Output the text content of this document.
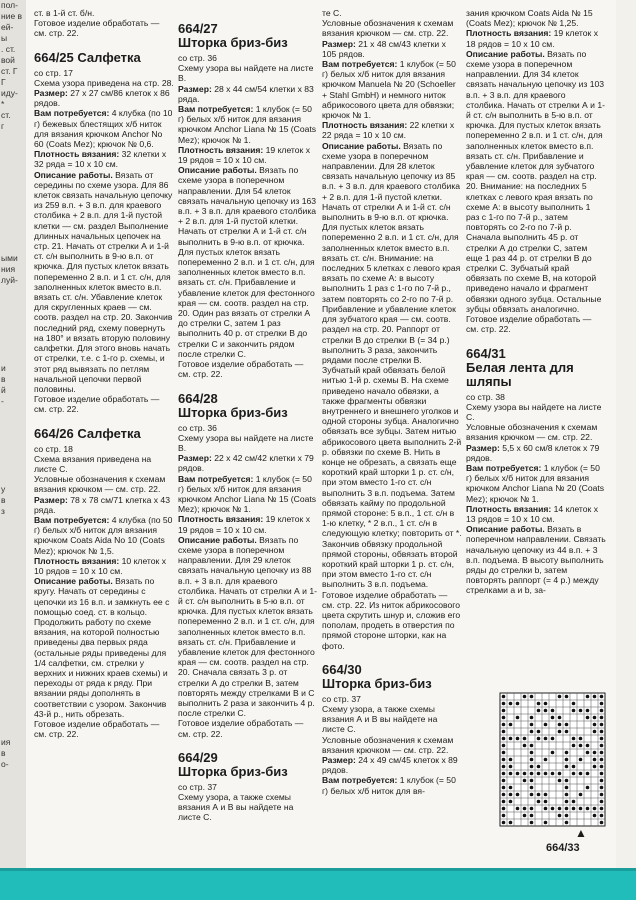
пол-
ние в
ей-
ы
. ст.
вой
ст. Г
Г
иду-
*
ст.
г

ыми
ния
луй-

и
в
й
-

у
в
з

ия
в
о-

ст. в 1-й ст. б/н.

Готовое изделие обработать — см. стр. 22.

664/25 Салфетка

со стр. 17

Схема узора приведена на стр. 28.

Размер: 27 х 27 см/86 клеток х 86 рядов.

Вам потребуется: 4 клубка (по 10 г) бежевых блестящих х/б ниток для вязания крючком Anchor No 60 (Coats Mez); крючок № 0,6.

Плотность вязания: 32 клетки х 32 ряда = 10 х 10 см.

Описание работы. Вязать от середины по схеме узора. Для 86 клеток связать начальную цепочку из 259 в.п. + 3 в.п. для краевого столбика + 2 в.п. для 1-й пустой клетки — см. раздел Выполнение длинных начальных цепочек на стр. 21. Начать от стрелки А и 1-й ст. с/н выполнить в 9-ю в.п. от крючка. Для пустых клеток вязать попеременно 2 в.п. и 1 ст. с/н, для заполненных клеток вместо в.п. вязать ст. с/н. Убавление клеток для скругленных краев — см. соотв. раздел на стр. 20. Закончив последний ряд, схему повернуть на 180° и вязать вторую половину салфетки. Для этого вновь начать от стрелки, т.е. с 1-го р. схемы, и этот ряд вывязать по петлям начальной цепочки первой половины.

Готовое изделие обработать — см. стр. 22.

664/26 Салфетка

со стр. 18

Схема вязания приведена на листе С.

Условные обозначения к схемам вязания крючком — см. стр. 22.

Размер: 78 х 78 см/71 клетка х 43 ряда.

Вам потребуется: 4 клубка (по 50 г) белых х/б ниток для вязания крючком Coats Aida No 10 (Coats Mez); крючок № 1,5.

Плотность вязания: 10 клеток х 10 рядов = 10 х 10 см.

Описание работы. Вязать по кругу. Начать от середины с цепочки из 16 в.п. и замкнуть ее с помощью соед. ст. в кольцо. Продолжить работу по схеме вязания, на которой полностью приведены два первых ряда (остальные ряды приведены для 1/4 салфетки, см. стрелки у верхних и нижних краев схемы) и переходы от ряда к ряду. При вязании ряды дополнять в соответствии с узором. Закончив 43-й р., нить обрезать.

Готовое изделие обработать — см. стр. 22.

664/27
Шторка бриз-биз

со стр. 36

Схему узора вы найдете на листе В.

Размер: 28 х 44 см/54 клетки х 83 ряда.

Вам потребуется: 1 клубок (= 50 г) белых х/б ниток для вязания крючком Anchor Liana № 15 (Coats Mez); крючок № 1.

Плотность вязания: 19 клеток х 19 рядов = 10 х 10 см.

Описание работы. Вязать по схеме узора в поперечном направлении. Для 54 клеток связать начальную цепочку из 163 в.п. + 3 в.п. для краевого столбика + 2 в.п. для 1-й пустой клетки. Начать от стрелки А и 1-й ст. с/н выполнить в 9-ю в.п. от крючка. Для пустых клеток вязать попеременно 2 в.п. и 1 ст. с/н, для заполненных клеток вместо в.п. вязать ст. с/н. Прибавление и убавление клеток для фестонного края — см. соотв. раздел на стр. 20. Один раз вязать от стрелки А до стрелки С, затем 1 раз выполнить 40 р. от стрелки В до стрелки С и закончить рядом после стрелки С.

Готовое изделие обработать — см. стр. 22.

664/28
Шторка бриз-биз

со стр. 36

Схему узора вы найдете на листе В.

Размер: 22 х 42 см/42 клетки х 79 рядов.

Вам потребуется: 1 клубок (= 50 г) белых х/б ниток для вязания крючком Anchor Liana № 15 (Coats Mez); крючок № 1.

Плотность вязания: 19 клеток х 19 рядов = 10 х 10 см.

Описание работы. Вязать по схеме узора в поперечном направлении. Для 29 клеток связать начальную цепочку из 88 в.п. + 3 в.п. для краевого столбика. Начать от стрелки А и 1-й ст. с/н выполнить в 5-ю в.п. от крючка. Для пустых клеток вязать попеременно 2 в.п. и 1 ст. с/н, для заполненных клеток вместо в.п. вязать ст. с/н. Прибавление и убавление клеток для фестонного края — см. соотв. раздел на стр. 20. Сначала связать 3 р. от стрелки А до стрелки В, затем повторять между стрелками В и С выполнить 2 раза и закончить 4 р. после стрелки С.

Готовое изделие обработать — см. стр. 22.

664/29
Шторка бриз-биз

со стр. 37

Схему узора, а также схемы вязания А и В вы найдете на листе С.

те С.

Условные обозначения к схемам вязания крючком — см. стр. 22.

Размер: 21 х 48 см/43 клетки х 105 рядов.

Вам потребуется: 1 клубок (= 50 г) белых х/б ниток для вязания крючком Manuela № 20 (Schoeller + Stahl GmbH) и немного ниток абрикосового цвета для обвязки; крючок № 1.

Плотность вязания: 22 клетки х 22 ряда = 10 х 10 см.

Описание работы. Вязать по схеме узора в поперечном направлении. Для 28 клеток связать начальную цепочку из 85 в.п. + 3 в.п. для краевого столбика + 2 в.п. для 1-й пустой клетки. Начать от стрелки А и 1-й ст. с/н выполнить в 9-ю в.п. от крючка. Для пустых клеток вязать попеременно 2 в.п. и 1 ст. с/н, для заполненных клеток вместо в.п. вязать ст. с/н. Внимание: на последних 5 клетках с левого края вязать по схеме А: в высоту выполнить 1 раз с 1-го по 7-й р., затем повторять со 2-го по 7-й р. Прибавление и убавление клеток для зубчатого края — см. соотв. раздел на стр. 20. Раппорт от стрелки В до стрелки В (= 34 р.) выполнить 3 раза, закончить рядами после стрелки В. Зубчатый край обвязать белой нитью 1-й р. схемы В. На схеме приведено начало обвязки, а также фрагменты обвязки внутреннего и внешнего уголков и одной стороны зубца. Аналогично обвязать все зубцы. Затем нитью абрикосового цвета выполнить 2-й р. обвязки по схеме В. Нить в конце не обрезать, а связать еще короткий край шторки 1 р. ст. с/н, при этом вместо 1-го ст. с/н выполнить 3 в.п. подъема. Затем обвязать кайму по продольной прямой стороне: 5 в.п., 1 ст. с/н в 1-ю клетку, * 2 в.п., 1 ст. с/н в следующую клетку; повторить от *. Закончив обвязку продольной прямой стороны, обвязать второй короткий край шторки 1 р. ст. с/н, при этом вместо 1-го ст. с/н выполнить 3 в.п. подъема.

Готовое изделие обработать — см. стр. 22. Из ниток абрикосового цвета скрутить шнур и, сложив его пополам, продеть в отверстия по прямой стороне шторки, как на фото.

664/30
Шторка бриз-биз

со стр. 37

Схему узора, а также схемы вязания А и В вы найдете на листе С.

Условные обозначения к схемам вязания крючком — см. стр. 22.

Размер: 24 х 49 см/45 клеток х 89 рядов.

Вам потребуется: 1 клубок (= 50 г) белых х/б ниток для вя-

зания крючком Coats Aida № 15 (Coats Mez); крючок № 1,25.

Плотность вязания: 19 клеток х 18 рядов = 10 х 10 см.

Описание работы. Вязать по схеме узора в поперечном направлении. Для 34 клеток связать начальную цепочку из 103 в.п. + 3 в.п. для краевого столбика. Начать от стрелки А и 1-й ст. с/н выполнить в 5-ю в.п. от крючка. Для пустых клеток вязать попеременно 2 в.п. и 1 ст. с/н, для заполненных клеток вместо в.п. вязать ст. с/н. Прибавление и убавление клеток для зубчатого края — см. соотв. раздел на стр. 20. Внимание: на последних 5 клетках с левого края вязать по схеме А: в высоту выполнить 1 раз с 1-го по 7-й р., затем повторять со 2-го по 7-й р. Сначала выполнить 45 р. от стрелки А до стрелки С, затем еще 1 раз 44 р. от стрелки В до стрелки С. Зубчатый край обвязать по схеме В, на которой приведено начало и фрагмент обвязки одного зубца. Остальные зубцы обвязать аналогично.

Готовое изделие обработать — см. стр. 22.

664/31
Белая лента для шляпы

со стр. 38

Схему узора вы найдете на листе С.

Условные обозначения к схемам вязания крючком — см. стр. 22.

Размер: 5,5 х 60 см/8 клеток х 79 рядов.

Вам потребуется: 1 клубок (= 50 г) белых х/б ниток для вязания крючком Anchor Liana № 20 (Coats Mez); крючок № 1.

Плотность вязания: 14 клеток х 13 рядов = 10 х 10 см.

Описание работы. Вязать в поперечном направлении. Связать начальную цепочку из 44 в.п. + 3 в.п. подъема. В высоту выполнить ряды до стрелки b, затем повторять раппорт (= 4 р.) между стрелками a и b, за-

▲
664/33
